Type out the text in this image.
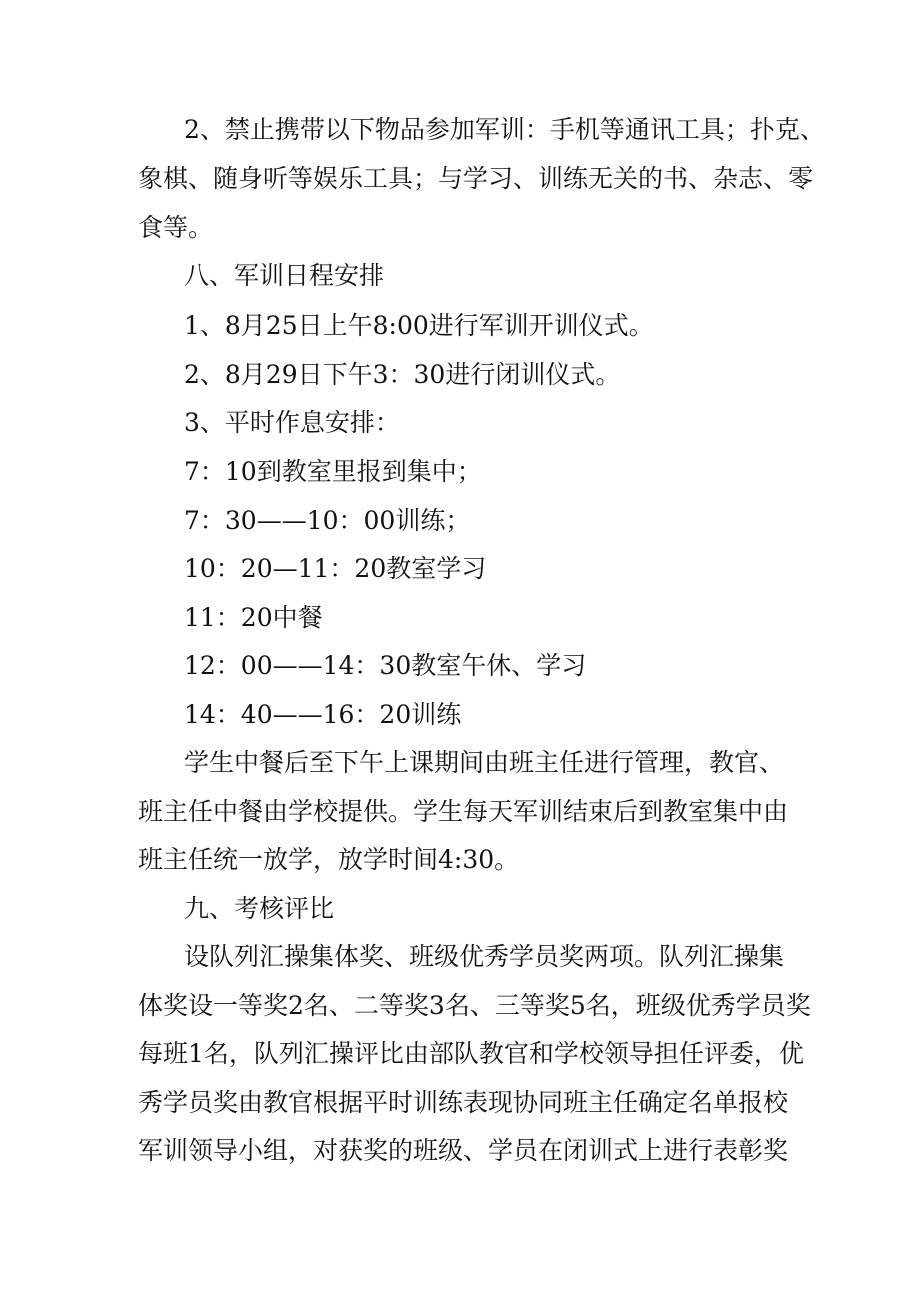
2、禁止携带以下物品参加军训：手机等通讯工具；扑克、

象棋、随身听等娱乐工具；与学习、训练无关的书、杂志、零

食等。

八、军训日程安排

1、8月25日上午8:00进行军训开训仪式。

2、8月29日下午3：30进行闭训仪式。

3、平时作息安排：

7：10到教室里报到集中；

7：30——10：00训练；

10：20—11：20教室学习

11：20中餐

12：00——14：30教室午休、学习

14：40——16：20训练

学生中餐后至下午上课期间由班主任进行管理，教官、

班主任中餐由学校提供。学生每天军训结束后到教室集中由

班主任统一放学，放学时间4:30。

九、考核评比

设队列汇操集体奖、班级优秀学员奖两项。队列汇操集

体奖设一等奖2名、二等奖3名、三等奖5名，班级优秀学员奖

每班1名，队列汇操评比由部队教官和学校领导担任评委，优

秀学员奖由教官根据平时训练表现协同班主任确定名单报校

军训领导小组，对获奖的班级、学员在闭训式上进行表彰奖
